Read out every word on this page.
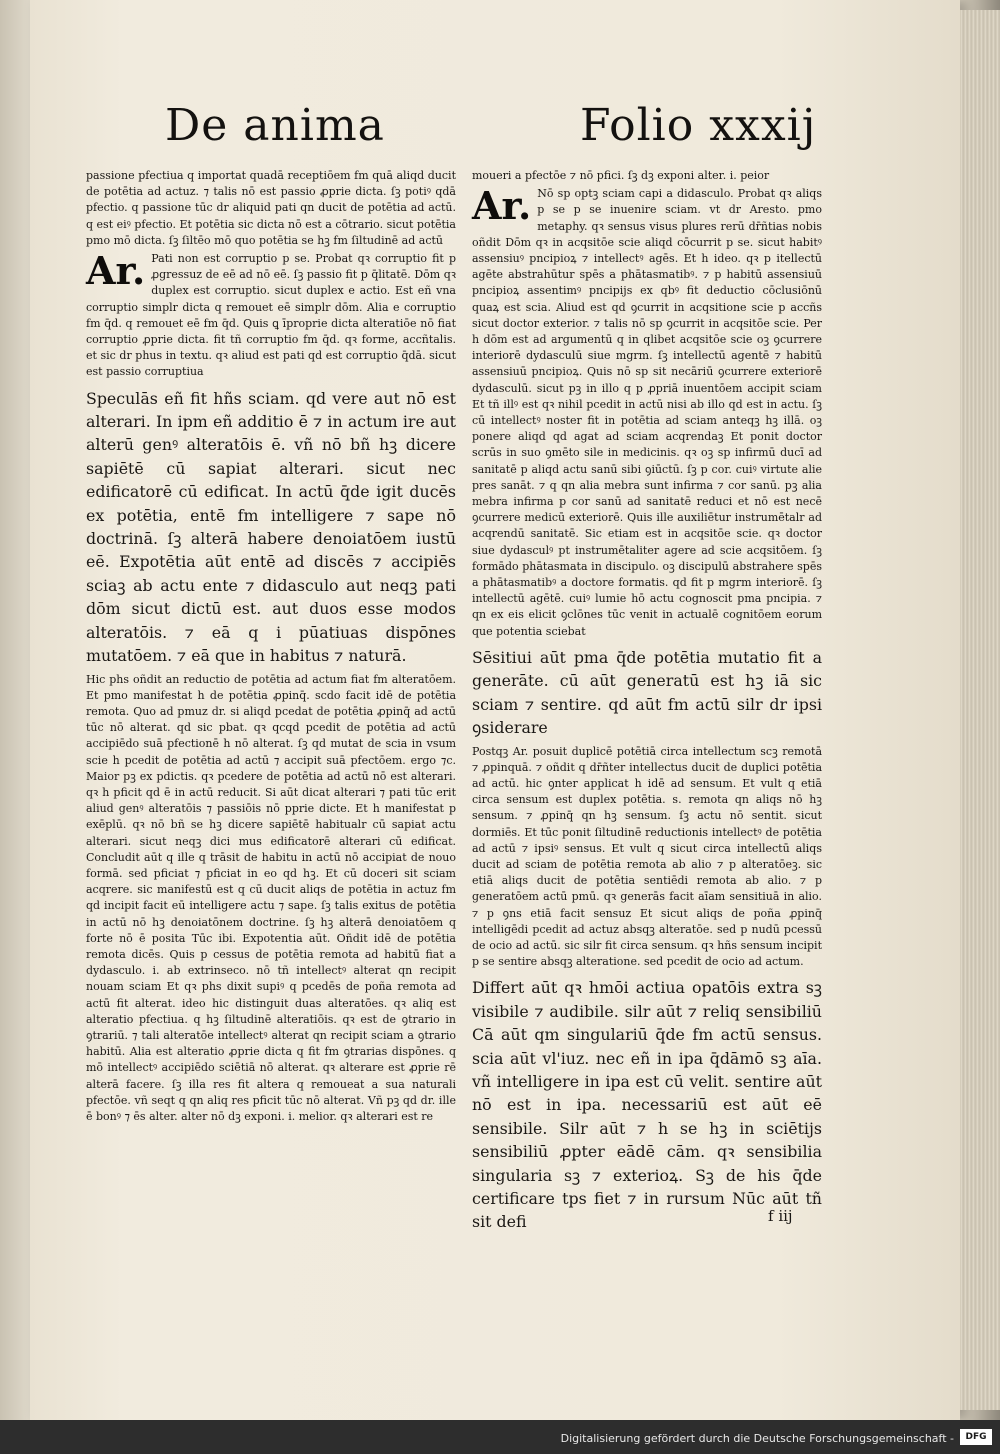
De anima	Folio xxxij
passione pfectiua q importat quadā receptiōem fm quā aliqd ducit de potētia ad actuz. ⁊ talis nō est passio ꝓprie dicta. ſꝫ potiꝰ qdā pfectio. q passione tūc dr aliquid pati qn ducit de potētia ad actū. q est eiꝰ pfectio. Et potētia sic dicta nō est a cōtrario. sicut potētia pmo mō dicta. ſꝫ ſiltēo mō quo potētia se hꝫ fm ſiltudinē ad actū
Ar. Pati non est corruptio p se. Probat qꝛ corruptio fit p ꝓgressuz de eē ad nō eē. ſꝫ passio fit p q̄litatē. Dōm qꝛ duplex est corruptio. sicut duplex e actio. Est eñ vna corruptio simplr dicta q remouet eē simplr dōm. Alia e corruptio fm q̄d. q remouet eē fm q̄d. Quis ꝗ īproprie dicta alteratiōe nō fiat corruptio ꝓprie dicta. fit tñ corruptio fm q̄d. qꝛ forme, accñtalis. et sic dr phus in textu. qꝛ aliud est pati qd est corruptio q̄dā. sicut est passio corruptiua
Speculās eñ fit hñs sciam. qd vere aut nō est alterari. In ipm eñ additio ē ⁊ in actum ire aut alterū genꝰ alteratōis ē. vñ nō bñ hꝫ dicere sapiētē cū sapiat alterari. sicut nec edificatorē cū edificat. In actū q̄de igit ducēs ex potētia, entē fm intelligere ⁊ sape nō doctrinā. ſꝫ alterā habere denoiatōem iustū eē. Expotētia aūt entē ad discēs ⁊ accipiēs sciaꝫ ab actu ente ⁊ didasculo aut neqꝫ pati dōm sicut dictū est. aut duos esse modos alteratōis. ⁊ eā q i pūatiuas dispōnes mutatōem. ⁊ eā que in habitus ⁊ naturā.
Hic phs oñdit an reductio de potētia ad actum fiat fm alteratōem. Et pmo manifestat h de potētia ꝓpinq̄. scdo facit idē de potētia remota. Quo ad pmuz dr. si aliqd pcedat de potētia ꝓpinq̄ ad actū tūc nō alterat. qd sic pbat. qꝛ qcqd pcedit de potētia ad actū accipiēdo suā pfectionē h nō alterat. ſꝫ qd mutat de scia in vsum scie h pcedit de potētia ad actū ⁊ accipit suā pfectōem. ergo ⁊c. Maior pꝫ ex pdictis. qꝛ pcedere de potētia ad actū nō est alterari. qꝛ h pficit qd ē in actū reducit. Si aūt dicat alterari ⁊ pati tūc erit aliud genꝰ alteratōis ⁊ passiōis nō pprie dicte. Et h manifestat p exēplū. qꝛ nō bñ se hꝫ dicere sapiētē habitualr cū sapiat actu alterari. sicut neqꝫ dici mus edificatorē alterari cū edificat. Concludit aūt q ille q trāsit de habitu in actū nō accipiat de nouo formā. sed pficiat ⁊ pficiat in eo qd hꝫ. Et cū doceri sit sciam acqrere. sic manifestū est q cū ducit aliqs de potētia in actuz fm qd incipit facit eū intelligere actu ⁊ sape. ſꝫ talis exitus de potētia in actū nō hꝫ denoiatōnem doctrine. ſꝫ hꝫ alterā denoiatōem q forte nō ē posita Tūc ibi. Expotentia aūt. Oñdit idē de potētia remota dicēs. Quis p cessus de potētia remota ad habitū fiat a dydasculo. i. ab extrinseco. nō tñ intellectꝰ alterat qn recipit nouam sciam Et qꝛ phs dixit supiꝰ q pcedēs de poña remota ad actū fit alterat. ideo hic distinguit duas alteratōes. qꝛ aliq est alteratio pfectiua. q hꝫ ſiltudinē alteratiōis. qꝛ est de ꝯtrario in ꝯtrariū. ⁊ tali alteratōe intellectꝰ alterat qn recipit sciam a ꝯtrario habitū. Alia est alteratio ꝓprie dicta q fit fm ꝯtrarias dispōnes. q mō intellectꝰ accipiēdo sciētiā nō alterat. qꝛ alterare est ꝓprie rē alterā facere. ſꝫ illa res fit altera q remoueat a sua naturali pfectōe. vñ seqt q qn aliq res pficit tūc nō alterat. Vñ pꝫ qd dr. ille ē bonꝰ ⁊ ēs alter. alter nō dꝫ exponi. i. melior. qꝛ alterari est re
moueri a pfectōe ⁊ nō pfici. ſꝫ dꝫ exponi alter. i. peior
Ar. Nō sp optꝫ sciam capi a didasculo. Probat qꝛ aliqs p se p se inuenire sciam. vt dr Aresto. pmo metaphy. qꝛ sensus visus plures rerū dr̄ñtias nobis oñdit Dōm qꝛ in acqsitōe scie aliqd cōcurrit p se. sicut habitꝰ assensiuꝰ pncipioꝝ ⁊ intellectꝰ agēs. Et h ideo. qꝛ p itellectū agēte abstrahūtur spēs a phātasmatibꝰ. ⁊ p habitū assensiuū pncipioꝝ assentimꝰ pncipijs ex qbꝰ fit deductio cōclusiōnū quaꝝ est scia. Aliud est qd ꝯcurrit in acqsitione scie p accñs sicut doctor exterior. ⁊ talis nō sp ꝯcurrit in acqsitōe scie. Per h dōm est ad argumentū q in qlibet acqsitōe scie oꝫ ꝯcurrere interiorē dydasculū siue mgrm. ſꝫ intellectū agentē ⁊ habitū assensiuū pncipioꝝ. Quis nō sp sit necāriū ꝯcurrere exteriorē dydasculū. sicut pꝫ in illo q p ꝓpriā inuentōem accipit sciam Et tñ illꝰ est qꝛ nihil pcedit in actū nisi ab illo qd est in actu. ſꝫ cū intellectꝰ noster fit in potētia ad sciam anteqꝫ hꝫ illā. oꝫ ponere aliqd qd agat ad sciam acqrendaꝫ Et ponit doctor scrūs in suo ꝯmēto sile in medicinis. qꝛ oꝫ sp infirmū ducī ad sanitatē p aliqd actu sanū sibi ꝯiūctū. ſꝫ p cor. cuiꝰ virtute alie pres sanāt. ⁊ q qn alia mebra sunt infirma ⁊ cor sanū. pꝫ alia mebra infirma p cor sanū ad sanitatē reduci et nō est necē ꝯcurrere medicū exteriorē. Quis ille auxiliētur instrumētalr ad acqrendū sanitatē. Sic etiam est in acqsitōe scie. qꝛ doctor siue dydasculꝰ pt instrumētaliter agere ad scie acqsitōem. ſꝫ formādo phātasmata in discipulo. oꝫ discipulū abstrahere spēs a phātasmatibꝰ a doctore formatis. qd fit p mgrm interiorē. ſꝫ intellectū agētē. cuiꝰ lumie hō actu cognoscit pma pncipia. ⁊ qn ex eis elicit ꝯclōnes tūc venit in actualē cognitōem eorum que potentia sciebat
Sēsitiui aūt pma q̄de potētia mutatio fit a generāte. cū aūt generatū est hꝫ iā sic sciam ⁊ sentire. qd aūt fm actū silr dr ipsi ꝯsiderare
Postqꝫ Ar. posuit duplicē potētiā circa intellectum scꝫ remotā ⁊ ꝓpinquā. ⁊ oñdit q dr̄ñter intellectus ducit de duplici potētia ad actū. hic ꝯnter applicat h idē ad sensum. Et vult q etiā circa sensum est duplex potētia. s. remota qn aliqs nō hꝫ sensum. ⁊ ꝓpinq̄ qn hꝫ sensum. ſꝫ actu nō sentit. sicut dormiēs. Et tūc ponit ſiltudinē reductionis intellectꝰ de potētia ad actū ⁊ ipsiꝰ sensus. Et vult q sicut circa intellectū aliqs ducit ad sciam de potētia remota ab alio ⁊ p alteratōeꝫ. sic etiā aliqs ducit de potētia sentiēdi remota ab alio. ⁊ p generatōem actū pmū. qꝛ generās facit aīam sensitiuā in alio. ⁊ p ꝯns etiā facit sensuz Et sicut aliqs de poña ꝓpinq̄ intelligēdi pcedit ad actuz absqꝫ alteratōe. sed p nudū pcessū de ocio ad actū. sic silr fit circa sensum. qꝛ hñs sensum incipit p se sentire absqꝫ alteratione. sed pcedit de ocio ad actum.
Differt aūt qꝛ hmōi actiua opatōis extra sꝫ visibile ⁊ audibile. silr aūt ⁊ reliq sensibiliū Cā aūt qm singulariū q̄de fm actū sensus. scia aūt vl'iuz. nec eñ in ipa q̄dāmō sꝫ aīa. vñ intelligere in ipa est cū velit. sentire aūt nō est in ipa. necessariū est aūt eē sensibile. Silr aūt ⁊ h se hꝫ in sciētijs sensibiliū ꝓpter eādē cām. qꝛ sensibilia singularia sꝫ ⁊ exterioꝝ. Sꝫ de his q̄de certificare tps fiet ⁊ in rursum Nūc aūt tñ sit defi	f iij
Digitalisierung gefördert durch die Deutsche Forschungsgemeinschaft -	DFG
